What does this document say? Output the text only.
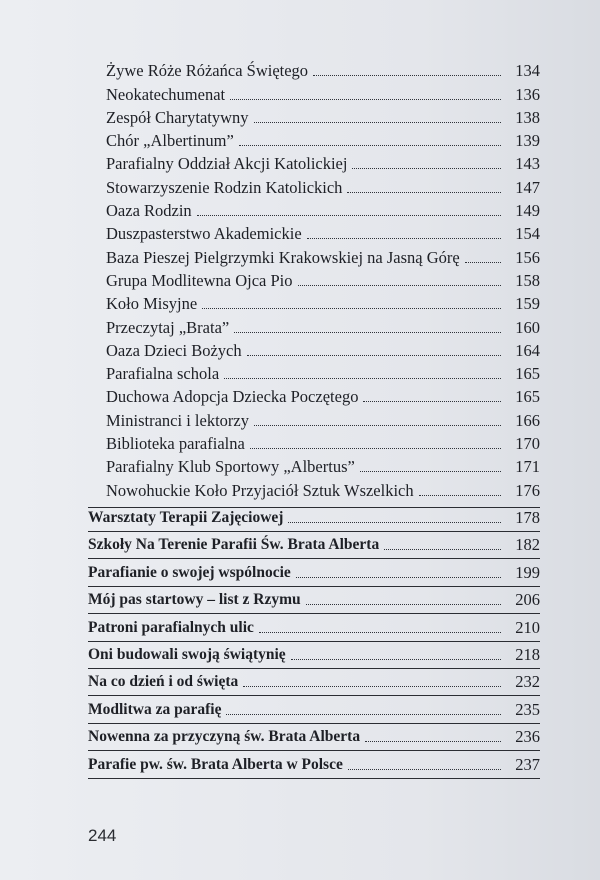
Żywe Róże Różańca Świętego	134
Neokatechumenat	136
Zespół Charytatywny	138
Chór „Albertinum”	139
Parafialny Oddział Akcji Katolickiej	143
Stowarzyszenie Rodzin Katolickich	147
Oaza Rodzin	149
Duszpasterstwo Akademickie	154
Baza Pieszej Pielgrzymki Krakowskiej na Jasną Górę	156
Grupa Modlitewna Ojca Pio	158
Koło Misyjne	159
Przeczytaj „Brata”	160
Oaza Dzieci Bożych	164
Parafialna schola	165
Duchowa Adopcja Dziecka Poczętego	165
Ministranci i lektorzy	166
Biblioteka parafialna	170
Parafialny Klub Sportowy „Albertus”	171
Nowohuckie Koło Przyjaciół Sztuk Wszelkich	176
Warsztaty Terapii Zajęciowej	178
Szkoły Na Terenie Parafii Św. Brata Alberta	182
Parafianie o swojej wspólnocie	199
Mój pas startowy – list z Rzymu	206
Patroni parafialnych ulic	210
Oni budowali swoją świątynię	218
Na co dzień i od święta	232
Modlitwa za parafię	235
Nowenna za przyczyną św. Brata Alberta	236
Parafie pw. św. Brata Alberta w Polsce	237
244
